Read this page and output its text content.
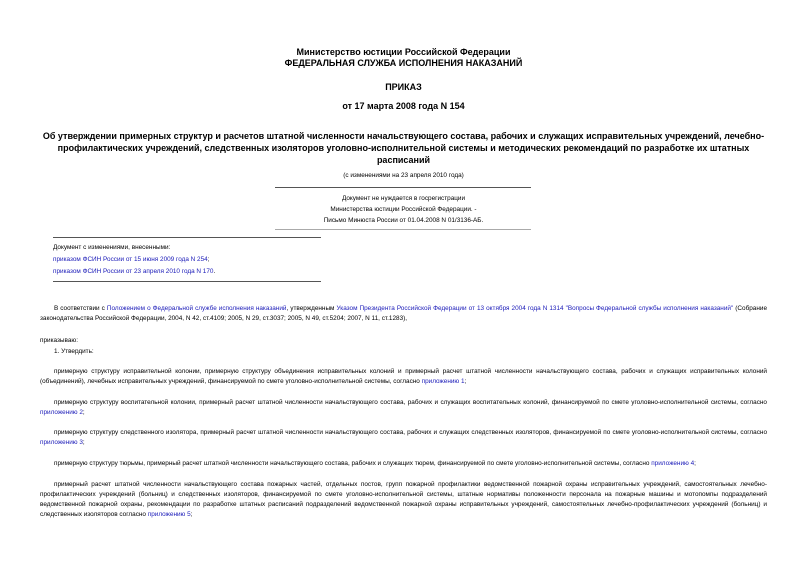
Министерство юстиции Российской Федерации
ФЕДЕРАЛЬНАЯ СЛУЖБА ИСПОЛНЕНИЯ НАКАЗАНИЙ
ПРИКАЗ
от 17 марта 2008 года N 154
Об утверждении примерных структур и расчетов штатной численности начальствующего состава, рабочих и служащих исправительных учреждений, лечебно-
профилактических учреждений, следственных изоляторов уголовно-исполнительной системы и методических рекомендаций по разработке их штатных
расписаний
(с изменениями на 23 апреля 2010 года)
Документ не нуждается в госрегистрации
Министерства юстиции Российской Федерации. -
Письмо Минюста России от 01.04.2008 N 01/3136-АБ.
Документ с изменениями, внесенными:
приказом ФСИН России от 15 июня 2009 года N 254;
приказом ФСИН России от 23 апреля 2010 года N 170.
В соответствии с Положением о Федеральной службе исполнения наказаний, утвержденным Указом Президента Российской Федерации от 13 октября 2004 года N 1314 "Вопросы Федеральной службы исполнения наказаний" (Собрание законодательства Российской Федерации, 2004, N 42, ст.4109; 2005, N 29, ст.3037; 2005, N 49, ст.5204; 2007, N 11, ст.1283),
приказываю:
1. Утвердить:
примерную структуру исправительной колонии, примерную структуру объединения исправительных колоний и примерный расчет штатной численности начальствующего состава, рабочих и служащих исправительных колоний (объединений), лечебных исправительных учреждений, финансируемой по смете уголовно-исполнительной системы, согласно приложению 1;
примерную структуру воспитательной колонии, примерный расчет штатной численности начальствующего состава, рабочих и служащих воспитательных колоний, финансируемой по смете уголовно-исполнительной системы, согласно приложению 2;
примерную структуру следственного изолятора, примерный расчет штатной численности начальствующего состава, рабочих и служащих следственных изоляторов, финансируемой по смете уголовно-исполнительной системы, согласно приложению 3;
примерную структуру тюрьмы, примерный расчет штатной численности начальствующего состава, рабочих и служащих тюрем, финансируемой по смете уголовно-исполнительной системы, согласно приложению 4;
примерный расчет штатной численности начальствующего состава пожарных частей, отдельных постов, групп пожарной профилактики ведомственной пожарной охраны исправительных учреждений, самостоятельных лечебно-профилактических учреждений (больниц) и следственных изоляторов, финансируемой по смете уголовно-исполнительной системы, штатные нормативы положенности персонала на пожарные машины и мотопомпы подразделений ведомственной пожарной охраны, рекомендации по разработке штатных расписаний подразделений ведомственной пожарной охраны исправительных учреждений, самостоятельных лечебно-профилактических учреждений (больниц) и следственных изоляторов согласно приложению 5;
